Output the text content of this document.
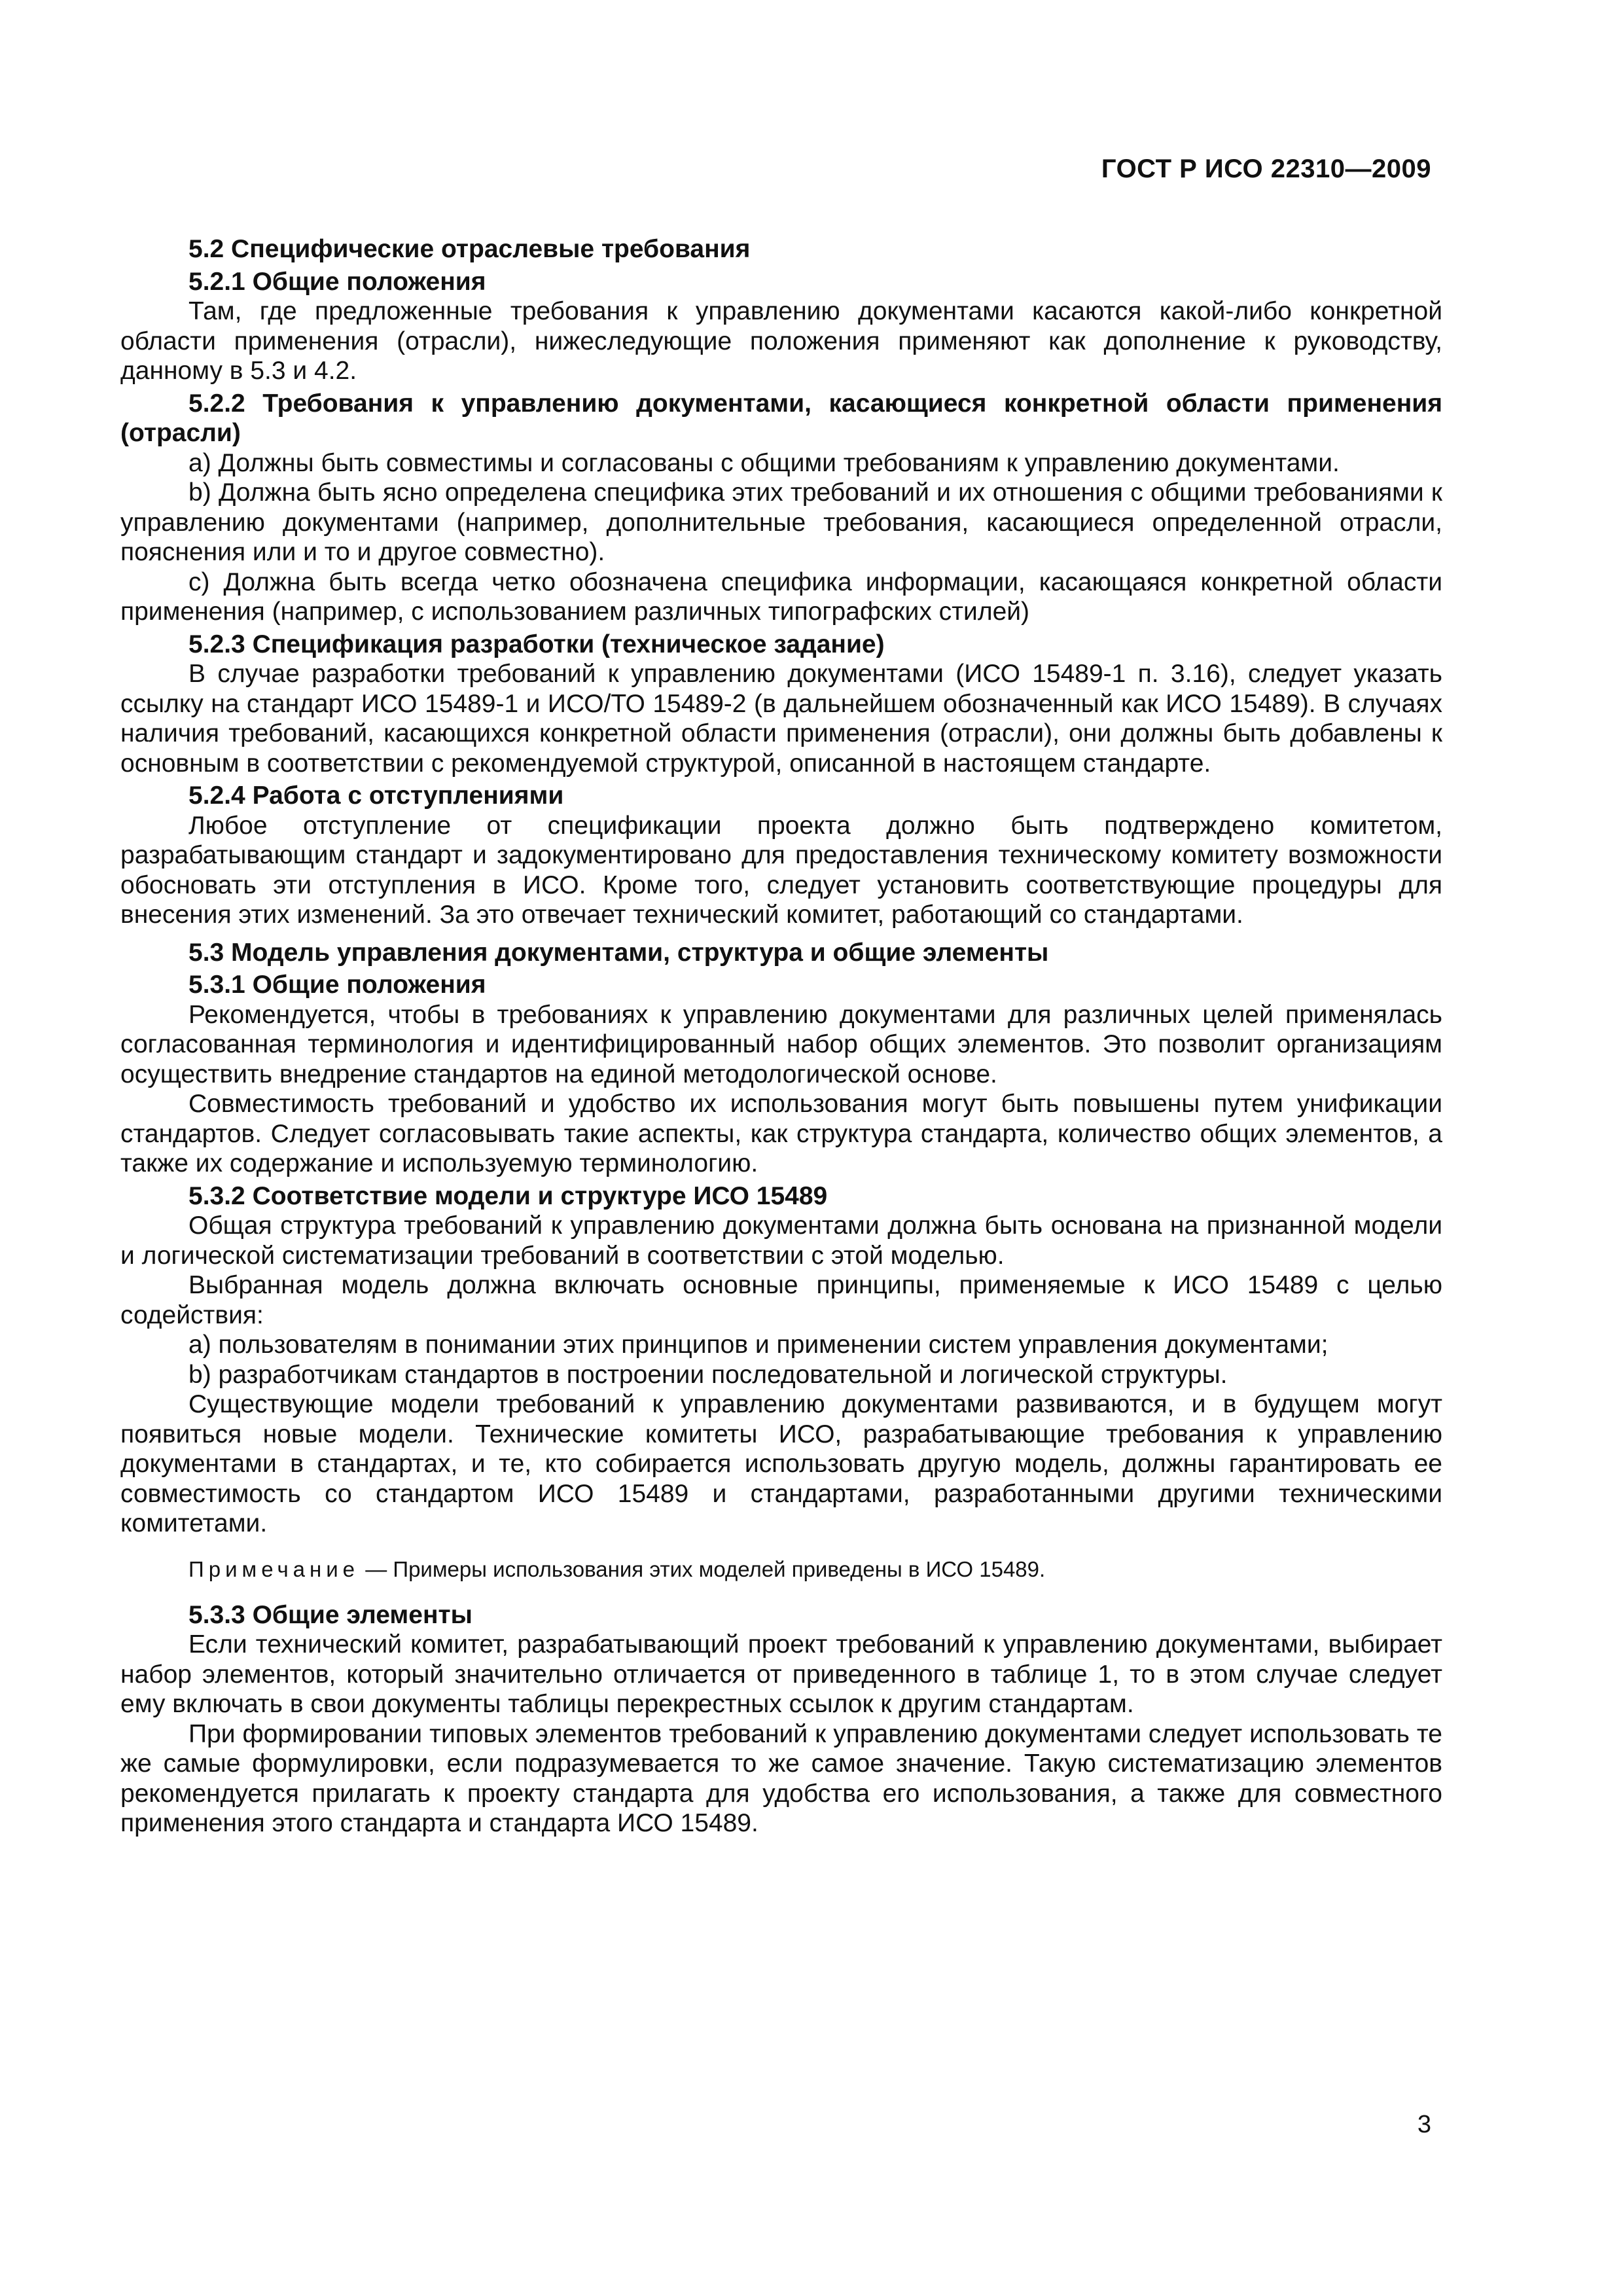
ГОСТ Р ИСО 22310—2009

5.2 Специфические отраслевые требования

5.2.1 Общие положения

Там, где предложенные требования к управлению документами касаются какой-либо конкретной области применения (отрасли), нижеследующие положения применяют как дополнение к руководству, данному в 5.3 и 4.2.

5.2.2 Требования к управлению документами, касающиеся конкретной области применения (отрасли)

а) Должны быть совместимы и согласованы с общими требованиям к управлению документами.

b) Должна быть ясно определена специфика этих требований и их отношения с общими требованиями к управлению документами (например, дополнительные требования, касающиеся определенной отрасли, пояснения или и то и другое совместно).

с) Должна быть всегда четко обозначена специфика информации, касающаяся конкретной области применения (например, с использованием различных типографских стилей)

5.2.3 Спецификация разработки (техническое задание)

В случае разработки требований к управлению документами (ИСО 15489-1 п. 3.16), следует указать ссылку на стандарт ИСО 15489-1 и ИСО/ТО 15489-2 (в дальнейшем обозначенный как ИСО 15489). В случаях наличия требований, касающихся конкретной области применения (отрасли), они должны быть добавлены к основным в соответствии с рекомендуемой структурой, описанной в настоящем стандарте.

5.2.4 Работа с отступлениями

Любое отступление от спецификации проекта должно быть подтверждено комитетом, разрабатывающим стандарт и задокументировано для предоставления техническому комитету возможности обосновать эти отступления в ИСО. Кроме того, следует установить соответствующие процедуры для внесения этих изменений. За это отвечает технический комитет, работающий со стандартами.

5.3 Модель управления документами, структура и общие элементы

5.3.1 Общие положения

Рекомендуется, чтобы в требованиях к управлению документами для различных целей применялась согласованная терминология и идентифицированный набор общих элементов. Это позволит организациям осуществить внедрение стандартов на единой методологической основе.

Совместимость требований и удобство их использования могут быть повышены путем унификации стандартов. Следует согласовывать такие аспекты, как структура стандарта, количество общих элементов, а также их содержание и используемую терминологию.

5.3.2 Соответствие модели и структуре ИСО 15489

Общая структура требований к управлению документами должна быть основана на признанной модели и логической систематизации требований в соответствии с этой моделью.

Выбранная модель должна включать основные принципы, применяемые к ИСО 15489 с целью содействия:

а) пользователям в понимании этих принципов и применении систем управления документами;

b) разработчикам стандартов в построении последовательной и логической структуры.

Существующие модели требований к управлению документами развиваются, и в будущем могут появиться новые модели. Технические комитеты ИСО, разрабатывающие требования к управлению документами в стандартах, и те, кто собирается использовать другую модель, должны гарантировать ее совместимость со стандартом ИСО 15489 и стандартами, разработанными другими техническими комитетами.

Примечание — Примеры использования этих моделей приведены в ИСО 15489.

5.3.3 Общие элементы

Если технический комитет, разрабатывающий проект требований к управлению документами, выбирает набор элементов, который значительно отличается от приведенного в таблице 1, то в этом случае следует ему включать в свои документы таблицы перекрестных ссылок к другим стандартам.

При формировании типовых элементов требований к управлению документами следует использовать те же самые формулировки, если подразумевается то же самое значение. Такую систематизацию элементов рекомендуется прилагать к проекту стандарта для удобства его использования, а также для совместного применения этого стандарта и стандарта ИСО 15489.

3
